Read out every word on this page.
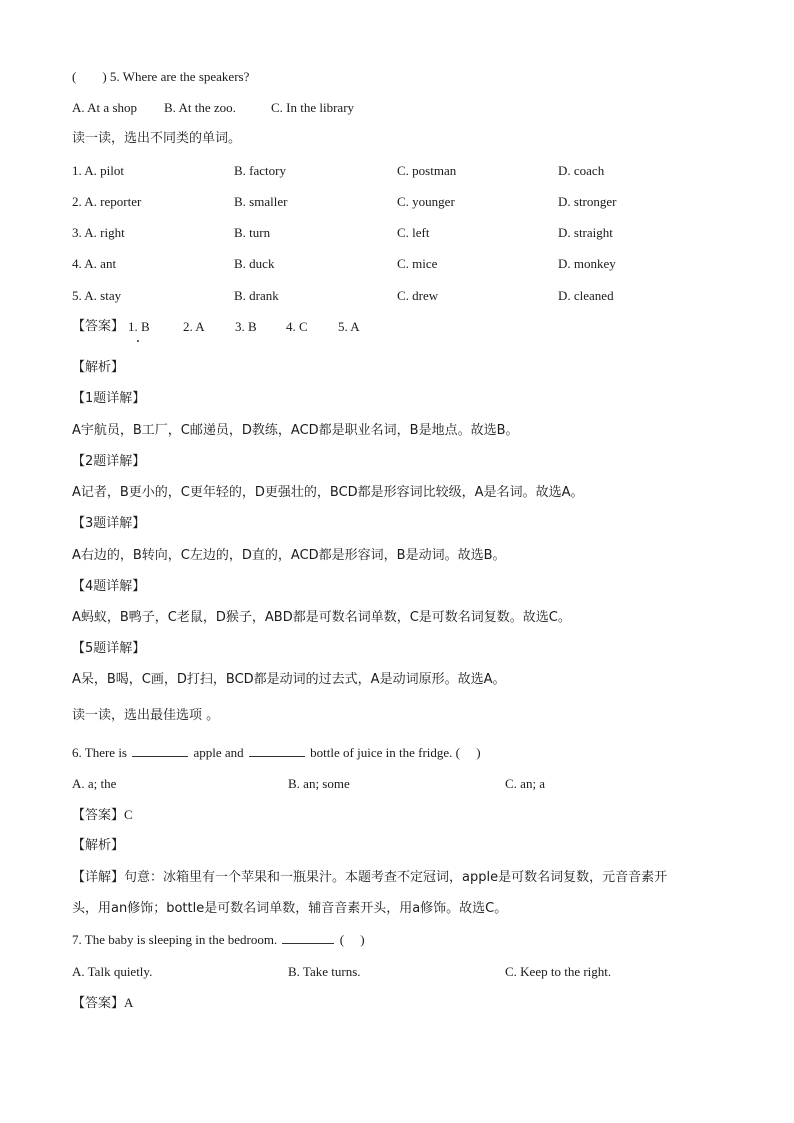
(　　) 5. Where are the speakers?
A. At a shop B. At the zoo.	C. In the library
读一读，选出不同类的单词。
1. A. pilot	B. factory	C. postman	D. coach
2. A. reporter	B. smaller	C. younger	D. stronger
3. A. right	B. turn	C. left	D. straight
4. A. ant	B. duck	C. mice	D. monkey
5. A. stay	B. drank	C. drew	D. cleaned
【答案】 1. B	2. A 3. B 4. C 5. A
【解析】
【1题详解】
A宇航员，B工厂，C邮递员，D教练，ACD都是职业名词，B是地点。故选B。
【2题详解】
A记者，B更小的，C更年轻的，D更强壮的，BCD都是形容词比较级，A是名词。故选A。
【3题详解】
A右边的，B转向，C左边的，D直的，ACD都是形容词，B是动词。故选B。
【4题详解】
A蚂蚁，B鸭子，C老鼠，D猴子，ABD都是可数名词单数，C是可数名词复数。故选C。
【5题详解】
A呆，B喝，C画，D打扫，BCD都是动词的过去式，A是动词原形。故选A。
读一读，选出最佳选项 。
6. There is	apple and	bottle of juice in the fridge. (　 )
A. a; the	B. an; some	C. an; a
【答案】C
【解析】
【详解】句意：冰箱里有一个苹果和一瓶果汁。本题考查不定冠词，apple是可数名词复数，元音音素开
头，用an修饰；bottle是可数名词单数，辅音音素开头，用a修饰。故选C。
7. The baby is sleeping in the bedroom.	(　 )
A. Talk quietly.	B. Take turns.	C. Keep to the right.
【答案】A
